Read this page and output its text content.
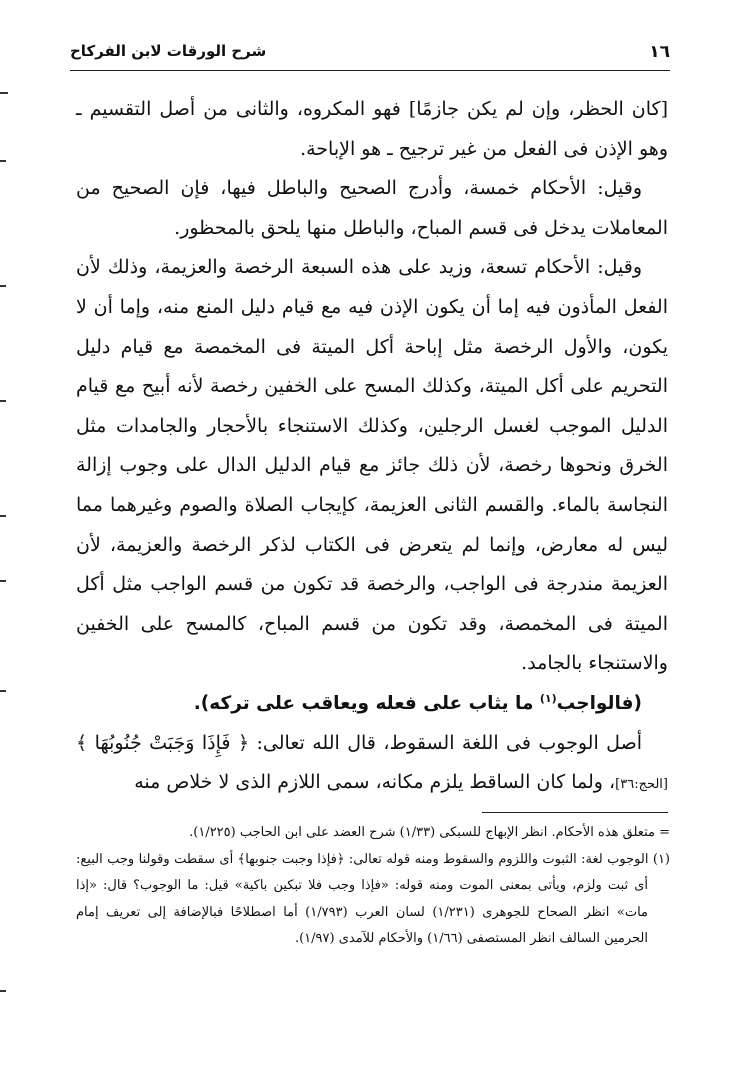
١٦
شرح الورقات لابن الفركاح

[كان الحظر، وإن لم يكن جازمًا] فهو المكروه، والثانى من أصل التقسيم ـ وهو الإذن فى الفعل من غير ترجيح ـ هو الإباحة.

وقيل: الأحكام خمسة، وأدرج الصحيح والباطل فيها، فإن الصحيح من المعاملات يدخل فى قسم المباح، والباطل منها يلحق بالمحظور.

وقيل: الأحكام تسعة، وزيد على هذه السبعة الرخصة والعزيمة، وذلك لأن الفعل المأذون فيه إما أن يكون الإذن فيه مع قيام دليل المنع منه، وإما أن لا يكون، والأول الرخصة مثل إباحة أكل الميتة فى المخمصة مع قيام دليل التحريم على أكل الميتة، وكذلك المسح على الخفين رخصة لأنه أبيح مع قيام الدليل الموجب لغسل الرجلين، وكذلك الاستنجاء بالأحجار والجامدات مثل الخرق ونحوها رخصة، لأن ذلك جائز مع قيام الدليل الدال على وجوب إزالة النجاسة بالماء. والقسم الثانى العزيمة، كإيجاب الصلاة والصوم وغيرهما مما ليس له معارض، وإنما لم يتعرض فى الكتاب لذكر الرخصة والعزيمة، لأن العزيمة مندرجة فى الواجب، والرخصة قد تكون من قسم الواجب مثل أكل الميتة فى المخمصة، وقد تكون من قسم المباح، كالمسح على الخفين والاستنجاء بالجامد.

(فالواجب$^{(١)}$ ما يثاب على فعله ويعاقب على تركه).

أصل الوجوب فى اللغة السقوط، قال الله تعالى: ﴿ فَإِذَا وَجَبَتْ جُنُوبُهَا ﴾ [الحج:٣٦]، ولما كان الساقط يلزم مكانه، سمى اللازم الذى لا خلاص منه

= متعلق هذه الأحكام. انظر الإبهاج للسبكى (١/٣٣) شرح العضد على ابن الحاجب (١/٢٢٥).

(١) الوجوب لغة: الثبوت واللزوم والسقوط ومنه قوله تعالى: ﴿فإذا وجبت جنوبها﴾ أى سقطت وقولنا وجب البيع: أى ثبت ولزم، ويأتى بمعنى الموت ومنه قوله: «فإذا وجب فلا تبكين باكية» قيل: ما الوجوب؟ قال: «إذا مات» انظر الصحاح للجوهرى (١/٢٣١) لسان العرب (١/٧٩٣) أما اصطلاحًا فبالإضافة إلى تعريف إمام الحرمين السالف انظر المستصفى (١/٦٦) والأحكام للآمدى (١/٩٧).
